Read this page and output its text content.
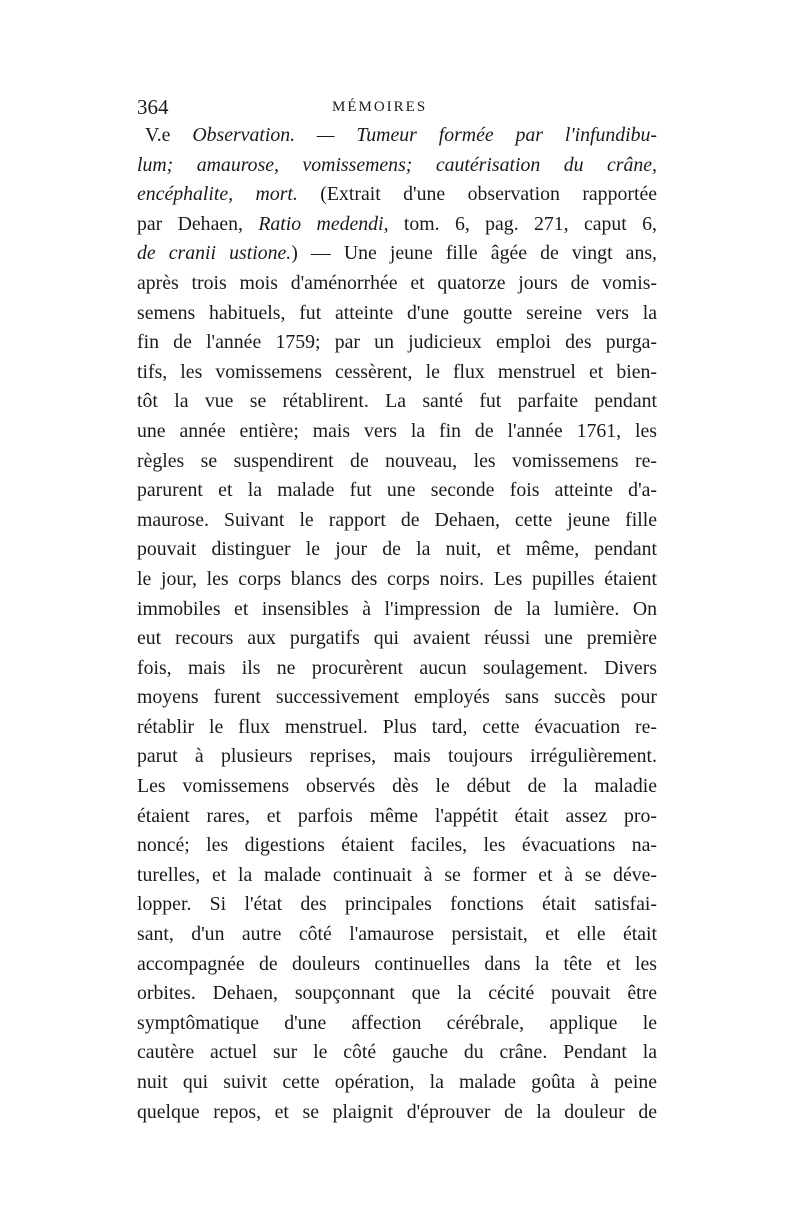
364	MÉMOIRES
V.e Observation. — Tumeur formée par l'infundibu-
lum; amaurose, vomissemens; cautérisation du crâne,
encéphalite, mort. (Extrait d'une observation rapportée
par Dehaen, Ratio medendi, tom. 6, pag. 271, caput 6,
de cranii ustione.) — Une jeune fille âgée de vingt ans,
après trois mois d'aménorrhée et quatorze jours de vomis-
semens habituels, fut atteinte d'une goutte sereine vers la
fin de l'année 1759; par un judicieux emploi des purga-
tifs, les vomissemens cessèrent, le flux menstruel et bien-
tôt la vue se rétablirent. La santé fut parfaite pendant
une année entière; mais vers la fin de l'année 1761, les
règles se suspendirent de nouveau, les vomissemens re-
parurent et la malade fut une seconde fois atteinte d'a-
maurose. Suivant le rapport de Dehaen, cette jeune fille
pouvait distinguer le jour de la nuit, et même, pendant
le jour, les corps blancs des corps noirs. Les pupilles étaient
immobiles et insensibles à l'impression de la lumière. On
eut recours aux purgatifs qui avaient réussi une première
fois, mais ils ne procurèrent aucun soulagement. Divers
moyens furent successivement employés sans succès pour
rétablir le flux menstruel. Plus tard, cette évacuation re-
parut à plusieurs reprises, mais toujours irrégulièrement.
Les vomissemens observés dès le début de la maladie
étaient rares, et parfois même l'appétit était assez pro-
noncé; les digestions étaient faciles, les évacuations na-
turelles, et la malade continuait à se former et à se déve-
lopper. Si l'état des principales fonctions était satisfai-
sant, d'un autre côté l'amaurose persistait, et elle était
accompagnée de douleurs continuelles dans la tête et les
orbites. Dehaen, soupçonnant que la cécité pouvait être
symptômatique d'une affection cérébrale, applique le
cautère actuel sur le côté gauche du crâne. Pendant la
nuit qui suivit cette opération, la malade goûta à peine
quelque repos, et se plaignit d'éprouver de la douleur de
